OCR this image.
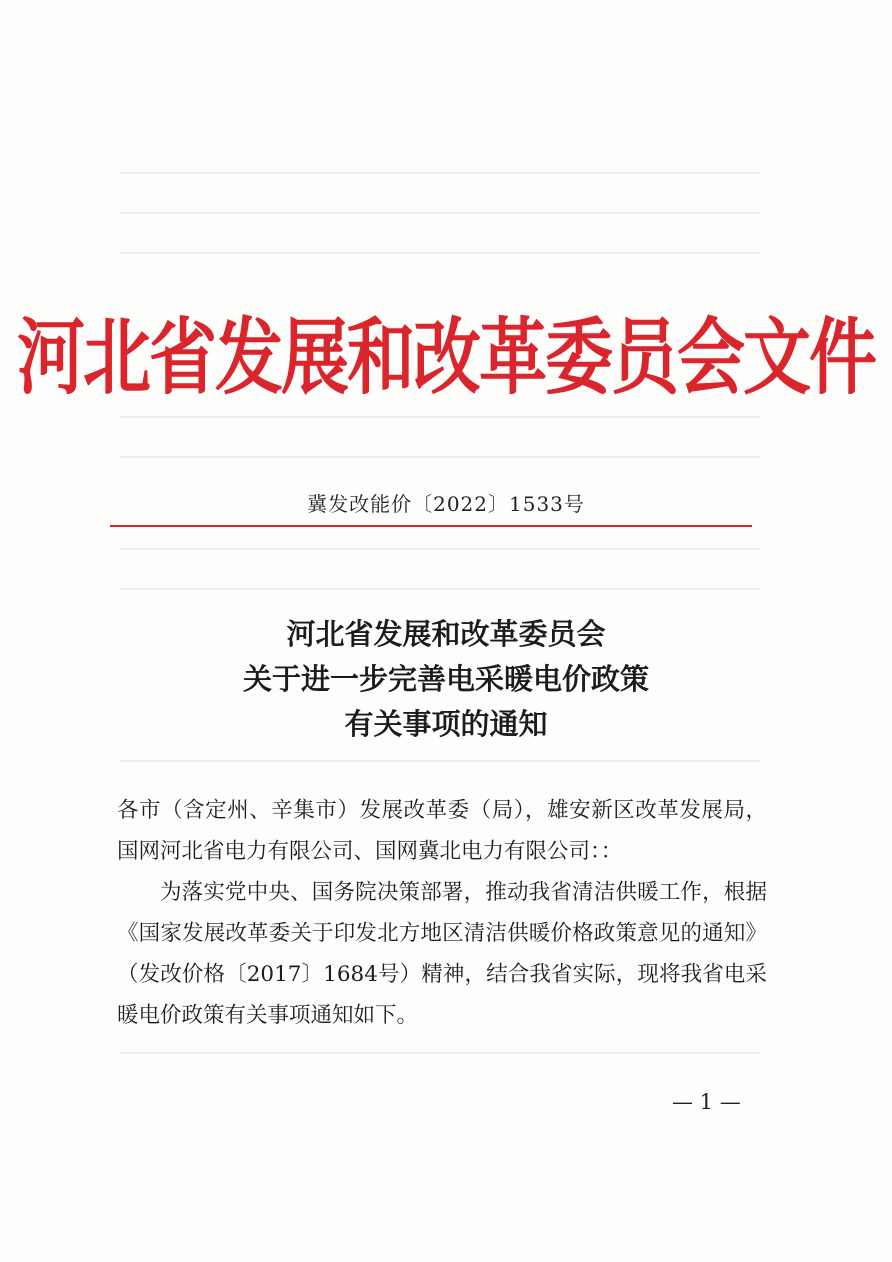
河北省发展和改革委员会文件
冀发改能价〔2022〕1533号
河北省发展和改革委员会
关于进一步完善电采暖电价政策
有关事项的通知

各市（含定州、辛集市）发展改革委（局），雄安新区改革发展局，国网河北省电力有限公司、国网冀北电力有限公司：：

为落实党中央、国务院决策部署，推动我省清洁供暖工作，根据《国家发展改革委关于印发北方地区清洁供暖价格政策意见的通知》（发改价格〔2017〕1684号）精神，结合我省实际，现将我省电采暖电价政策有关事项通知如下。

— 1 —
